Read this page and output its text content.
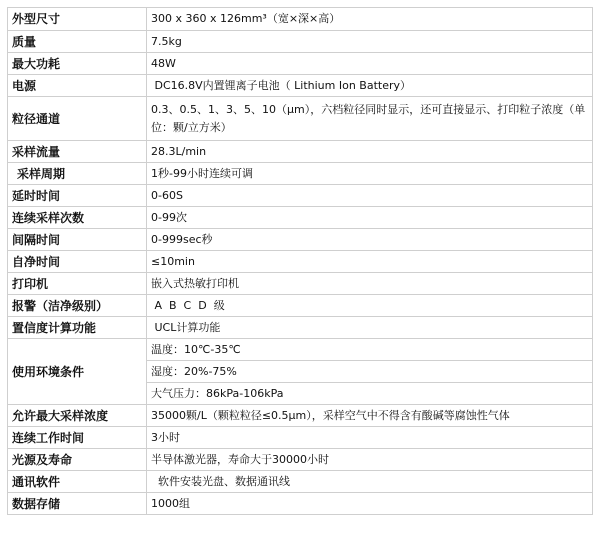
外型尺寸	300 x 360 x 126mm³（宽×深×高）
质量	7.5kg
最大功耗	48W
电源	DC16.8V内置锂离子电池（ Lithium Ion Battery）
粒径通道	0.3、0.5、1、3、5、10（μm），六档粒径同时显示，还可直接显示、打印粒子浓度（单位：颗/立方米）
采样流量	28.3L/min
采样周期	1秒-99小时连续可调
延时时间	0-60S
连续采样次数	0-99次
间隔时间	0-999sec秒
自净时间	≤10min
打印机	嵌入式热敏打印机
报警（洁净级别）	A  B  C  D  级
置信度计算功能	UCL计算功能
使用环境条件	温度：10℃-35℃
	湿度：20%-75%
	大气压力：86kPa-106kPa
允许最大采样浓度	35000颗/L（颗粒粒径≤0.5μm），采样空气中不得含有酸碱等腐蚀性气体
连续工作时间	3小时
光源及寿命	半导体激光器，寿命大于30000小时
通讯软件	软件安装光盘、数据通讯线
数据存储	1000组
